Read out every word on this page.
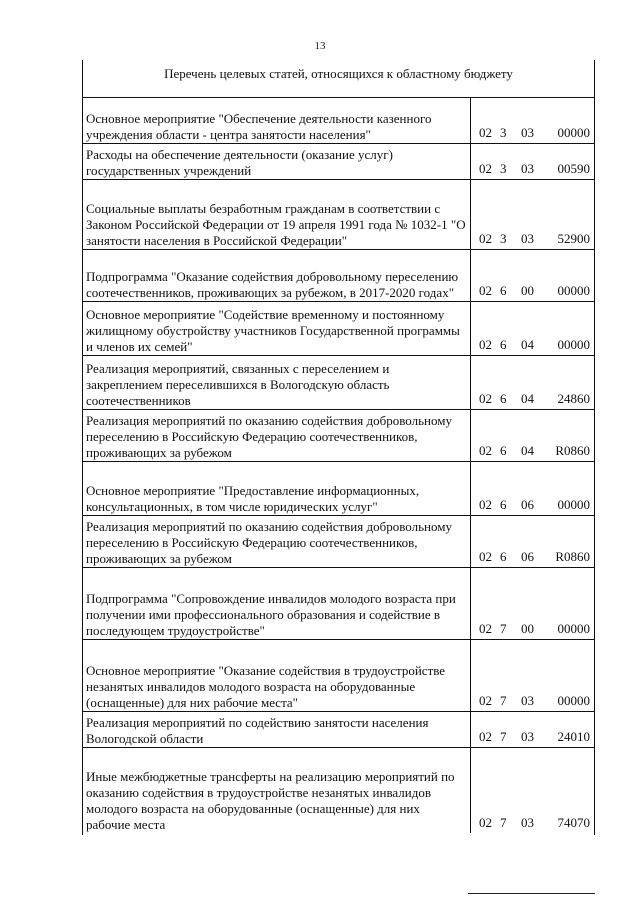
13
Перечень целевых статей, относящихся к областному бюджету
Основное мероприятие "Обеспечение деятельности казенного учреждения области - центра занятости населения"	02 3 03 00000
Расходы на обеспечение деятельности (оказание услуг) государственных учреждений	02 3 03 00590
Социальные выплаты безработным гражданам в соответствии с Законом Российской Федерации от 19 апреля 1991 года № 1032-1 "О занятости населения в Российской Федерации"	02 3 03 52900
Подпрограмма "Оказание содействия добровольному переселению соотечественников, проживающих за рубежом, в 2017-2020 годах"	02 6 00 00000
Основное мероприятие "Содействие временному и постоянному жилищному обустройству участников Государственной программы и членов их семей"	02 6 04 00000
Реализация мероприятий, связанных с переселением и закреплением переселившихся в Вологодскую область соотечественников	02 6 04 24860
Реализация мероприятий по оказанию содействия добровольному переселению в Российскую Федерацию соотечественников, проживающих за рубежом	02 6 04 R0860
Основное мероприятие "Предоставление информационных, консультационных, в том числе юридических услуг"	02 6 06 00000
Реализация мероприятий по оказанию содействия добровольному переселению в Российскую Федерацию соотечественников, проживающих за рубежом	02 6 06 R0860
Подпрограмма "Сопровождение инвалидов молодого возраста при получении ими профессионального образования и содействие в последующем трудоустройстве"	02 7 00 00000
Основное мероприятие "Оказание содействия в трудоустройстве незанятых инвалидов молодого возраста на оборудованные (оснащенные) для них рабочие места"	02 7 03 00000
Реализация мероприятий по содействию занятости населения Вологодской области	02 7 03 24010
Иные межбюджетные трансферты на реализацию мероприятий по оказанию содействия в трудоустройстве незанятых инвалидов молодого возраста на оборудованные (оснащенные) для них рабочие места	02 7 03 74070
